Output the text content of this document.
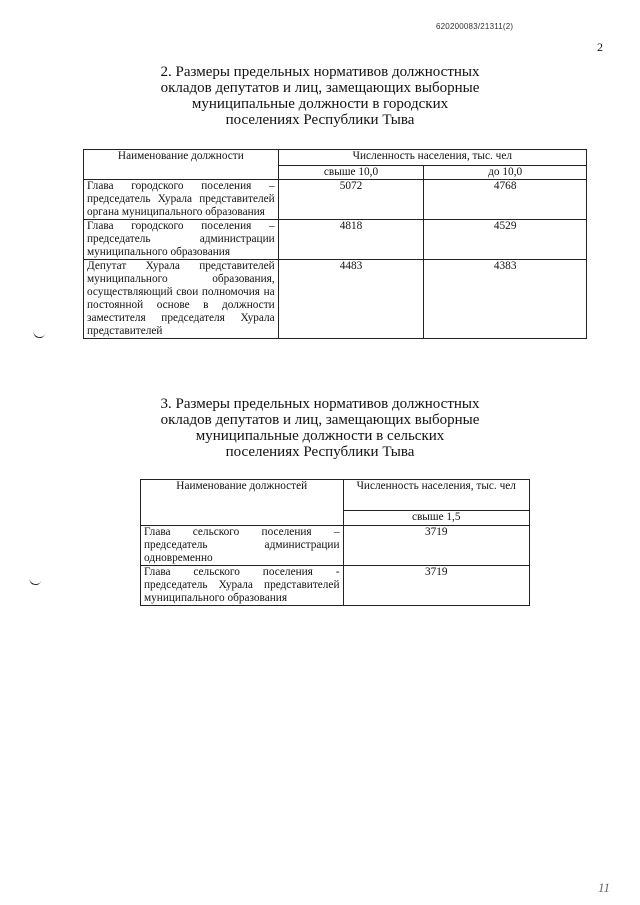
620200083/21311(2)
2
2. Размеры предельных нормативов должностных
окладов депутатов и лиц, замещающих выборные
муниципальные должности в городских
поселениях Республики Тыва
Наименование должности	Численность населения, тыс. чел	
	свыше 10,0	до 10,0
Глава городского поселения – председатель Хурала представителей органа муниципального образования	5072	4768
Глава городского поселения – председатель администрации муниципального образования	4818	4529
Депутат Хурала представителей муниципального образования, осуществляющий свои полномочия на постоянной основе в должности заместителя председателя Хурала представителей	4483	4383
3. Размеры предельных нормативов должностных
окладов депутатов и лиц, замещающих выборные
муниципальные должности в сельских
поселениях Республики Тыва
Наименование должностей	Численность населения, тыс. чел
	свыше 1,5
Глава сельского поселения – председатель администрации одновременно	3719
Глава сельского поселения - председатель Хурала представителей муниципального образования	3719
11
